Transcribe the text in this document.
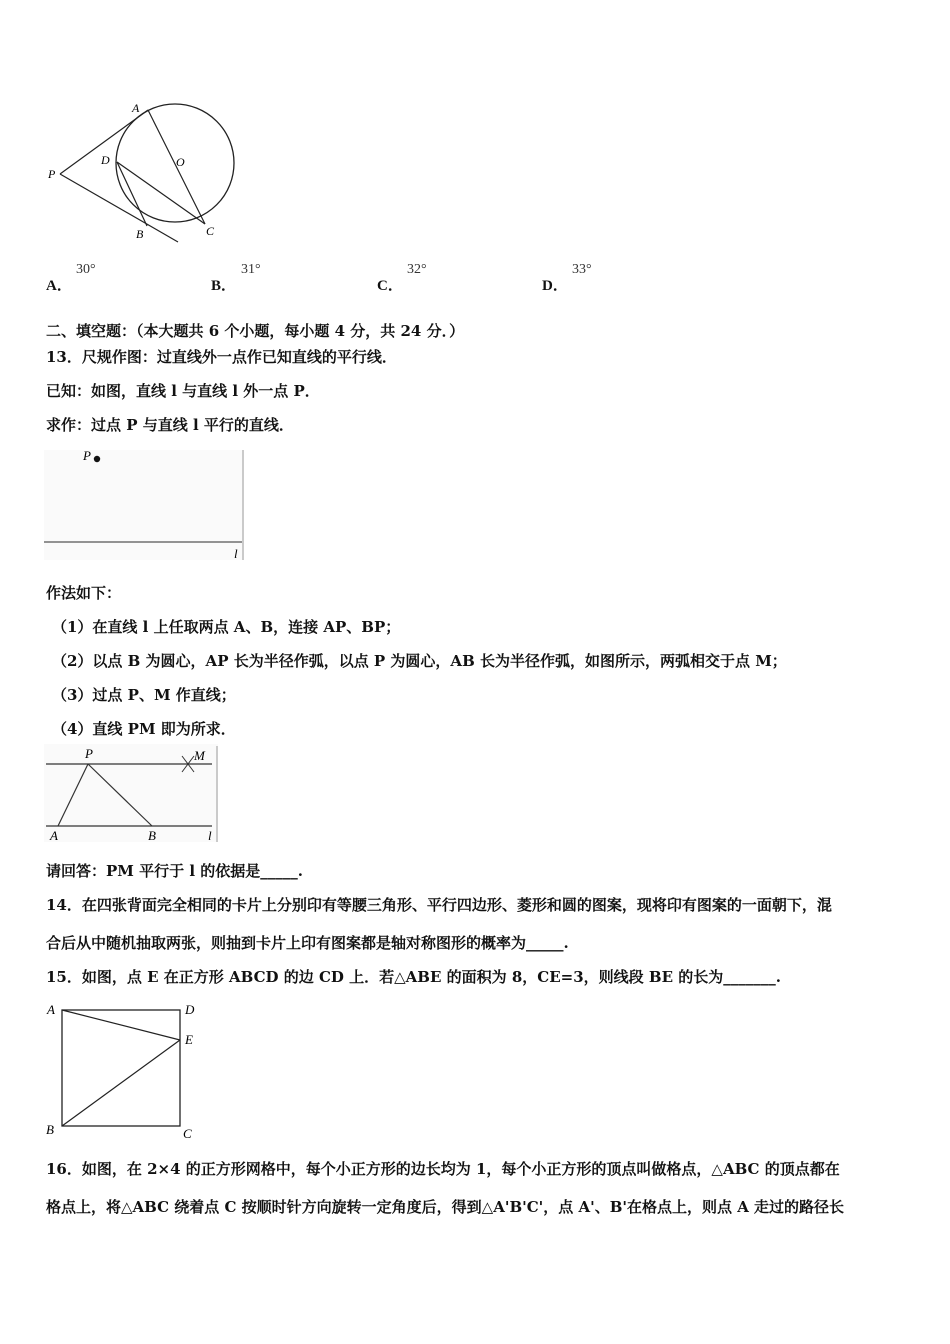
A
O
P
D
B	C
A．
30°
B．
31°
C．
32°
D．
33°
二、填空题：（本大题共 6 个小题，每小题 4 分，共 24 分．）
13．尺规作图：过直线外一点作已知直线的平行线．
已知：如图，直线 l 与直线 l 外一点 P．
求作：过点 P 与直线 l 平行的直线．
P
l
作法如下：
（1）在直线 l 上任取两点 A、B，连接 AP、BP；
（2）以点 B 为圆心，AP 长为半径作弧，以点 P 为圆心，AB 长为半径作弧，如图所示，两弧相交于点 M；
（3）过点 P、M 作直线；
（4）直线 PM 即为所求．
P	M
A	B	l
请回答：PM 平行于 l 的依据是_____.
14．在四张背面完全相同的卡片上分别印有等腰三角形、平行四边形、菱形和圆的图案，现将印有图案的一面朝下，混
合后从中随机抽取两张，则抽到卡片上印有图案都是轴对称图形的概率为_____.
15．如图，点 E 在正方形 ABCD 的边 CD 上．若△ABE 的面积为 8，CE=3，则线段 BE 的长为_______.
A	D
E
B	C
16．如图，在 2×4 的正方形网格中，每个小正方形的边长均为 1，每个小正方形的顶点叫做格点，△ABC 的顶点都在
格点上，将△ABC 绕着点 C 按顺时针方向旋转一定角度后，得到△A'B'C'，点 A'、B'在格点上，则点 A 走过的路径长
